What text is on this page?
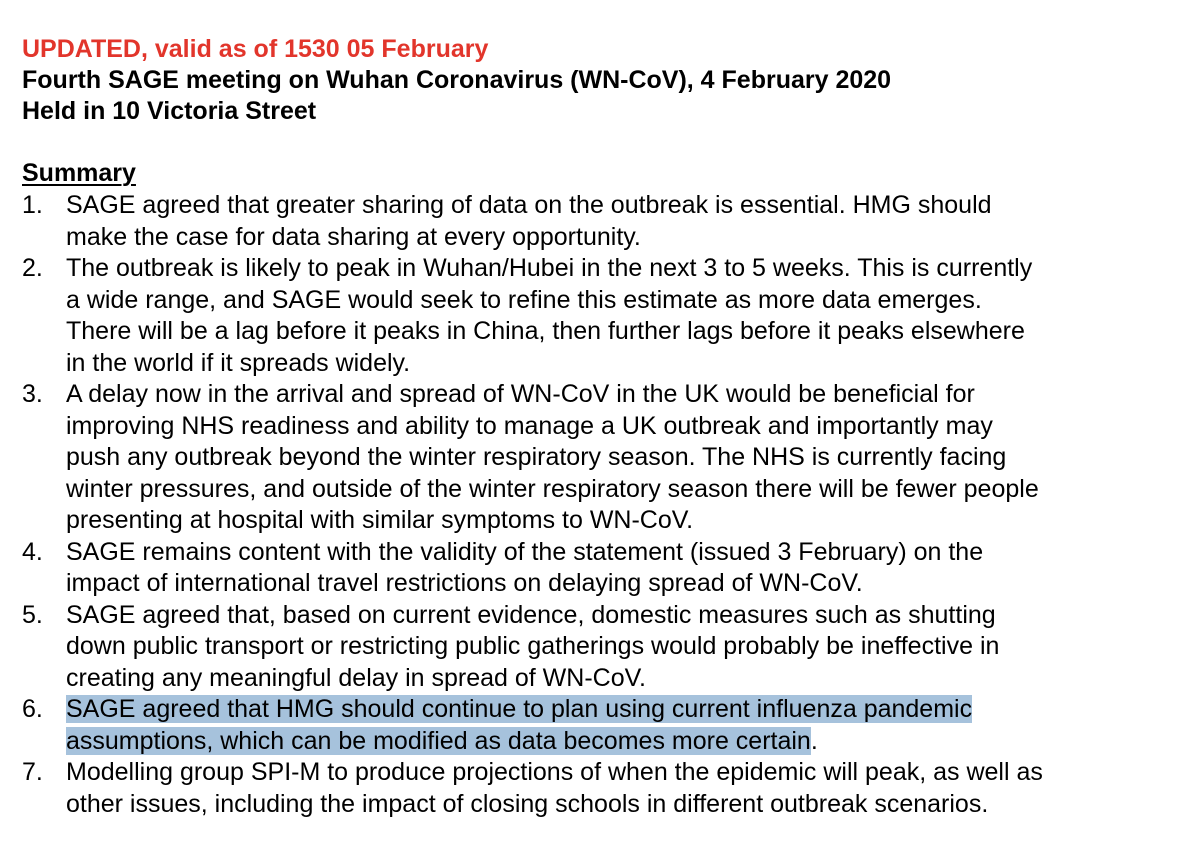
UPDATED, valid as of 1530 05 February
Fourth SAGE meeting on Wuhan Coronavirus (WN-CoV), 4 February 2020
Held in 10 Victoria Street
Summary
1. SAGE agreed that greater sharing of data on the outbreak is essential. HMG should
make the case for data sharing at every opportunity.
2. The outbreak is likely to peak in Wuhan/Hubei in the next 3 to 5 weeks. This is currently
a wide range, and SAGE would seek to refine this estimate as more data emerges.
There will be a lag before it peaks in China, then further lags before it peaks elsewhere
in the world if it spreads widely.
3. A delay now in the arrival and spread of WN-CoV in the UK would be beneficial for
improving NHS readiness and ability to manage a UK outbreak and importantly may
push any outbreak beyond the winter respiratory season. The NHS is currently facing
winter pressures, and outside of the winter respiratory season there will be fewer people
presenting at hospital with similar symptoms to WN-CoV.
4. SAGE remains content with the validity of the statement (issued 3 February) on the
impact of international travel restrictions on delaying spread of WN-CoV.
5. SAGE agreed that, based on current evidence, domestic measures such as shutting
down public transport or restricting public gatherings would probably be ineffective in
creating any meaningful delay in spread of WN-CoV.
6. SAGE agreed that HMG should continue to plan using current influenza pandemic
assumptions, which can be modified as data becomes more certain.
7. Modelling group SPI-M to produce projections of when the epidemic will peak, as well as
other issues, including the impact of closing schools in different outbreak scenarios.
